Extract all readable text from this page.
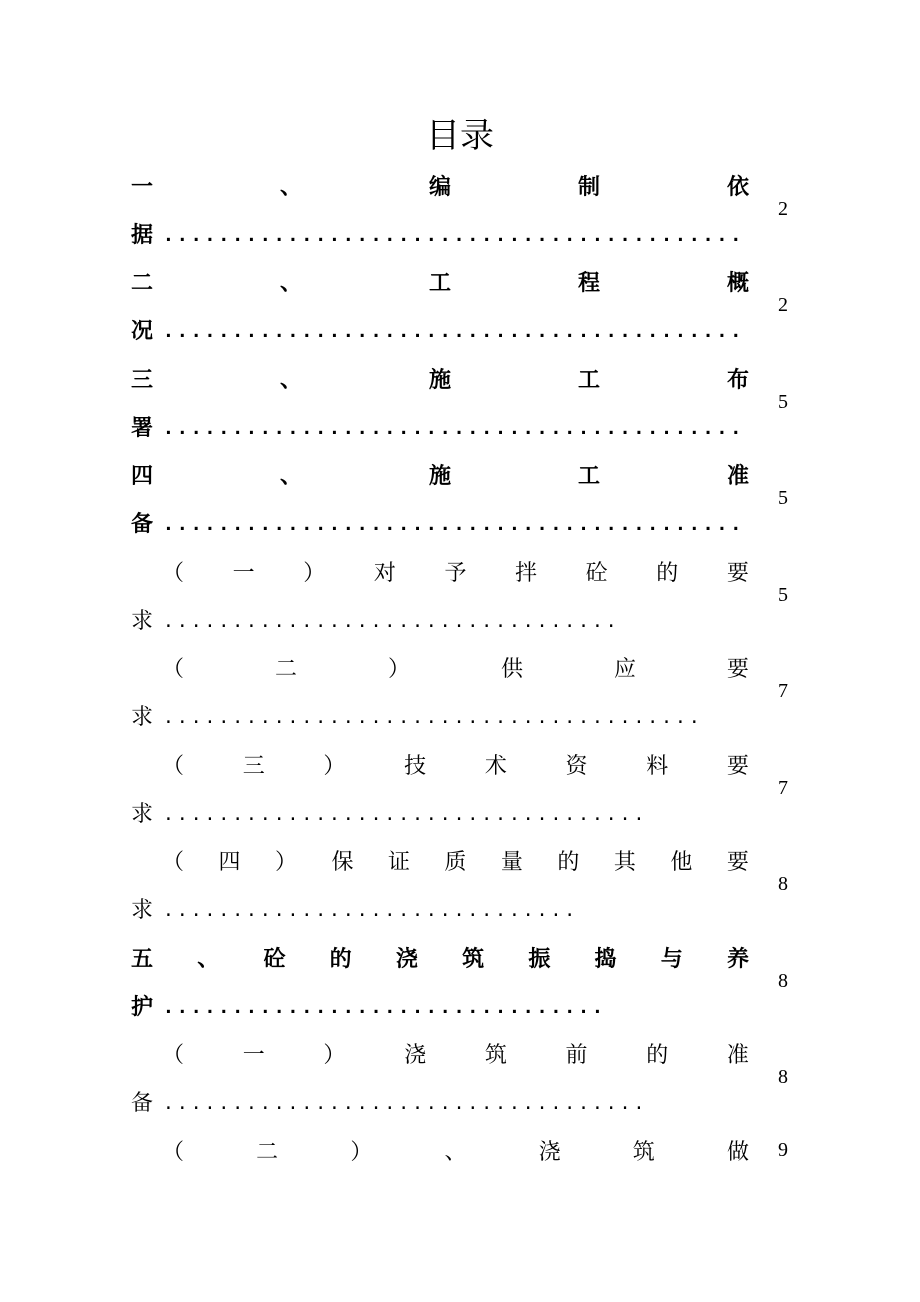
目录
一	、	编	制	依
据 ..........................................
2
二	、	工	程	概
况 ..........................................
2
三	、	施	工	布
署 ..........................................
5
四	、	施	工	准
备 ..........................................
5
（ 一 ） 对 予 拌 砼 的 要
求 .................................
5
（	二	）	供	应	要
求 .......................................
7
（	三	）	技	术	资	料	要
求 ...................................
7
（ 四 ） 保 证 质 量 的 其 他 要
求 ..............................
8
五 、 砼 的 浇 筑 振 捣 与 养
护 ................................
8
（	一	）	浇	筑	前	的	准
备 ...................................
8
（	二	）	、	浇	筑	做 9
